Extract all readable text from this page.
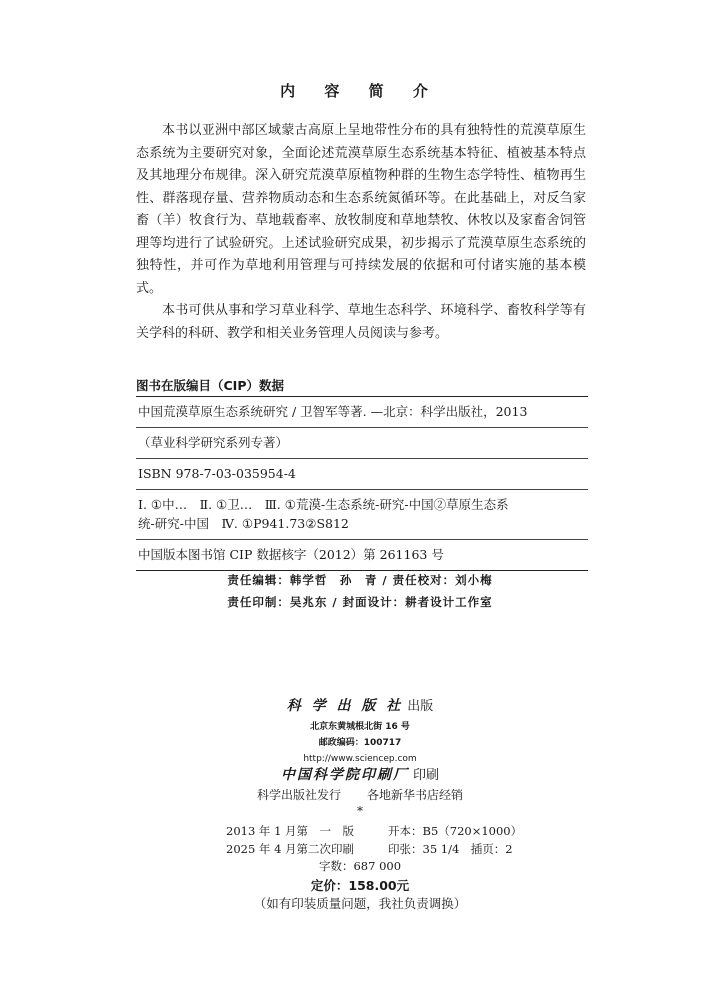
内 容 简 介

本书以亚洲中部区域蒙古高原上呈地带性分布的具有独特性的荒漠草原生态系统为主要研究对象，全面论述荒漠草原生态系统基本特征、植被基本特点及其地理分布规律。深入研究荒漠草原植物种群的生物生态学特性、植物再生性、群落现存量、营养物质动态和生态系统氮循环等。在此基础上，对反刍家畜（羊）牧食行为、草地载畜率、放牧制度和草地禁牧、休牧以及家畜舍饲管理等均进行了试验研究。上述试验研究成果，初步揭示了荒漠草原生态系统的独特性，并可作为草地利用管理与可持续发展的依据和可付诸实施的基本模式。

本书可供从事和学习草业科学、草地生态科学、环境科学、畜牧科学等有关学科的科研、教学和相关业务管理人员阅读与参考。

图书在版编目（CIP）数据
中国荒漠草原生态系统研究 / 卫智军等著. —北京：科学出版社，2013
（草业科学研究系列专著）
ISBN 978-7-03-035954-4
Ⅰ. ①中…　Ⅱ. ①卫…　Ⅲ. ①荒漠-生态系统-研究-中国②草原生态系
统-研究-中国　Ⅳ. ①P941.73②S812
中国版本图书馆 CIP 数据核字（2012）第 261163 号
责任编辑：韩学哲　孙　青 / 责任校对：刘小梅
责任印制：吴兆东 / 封面设计：耕者设计工作室
科 学 出 版 社 出版
北京东黄城根北街 16 号
邮政编码：100717
http://www.sciencep.com
中国科学院印刷厂 印刷
科学出版社发行 各地新华书店经销
*
2013 年 1 月第　一　版	开本：B5（720×1000）
2025 年 4 月第二次印刷	印张：35 1/4　插页：2
字数：687 000
定价：158.00元
（如有印装质量问题，我社负责调换）
